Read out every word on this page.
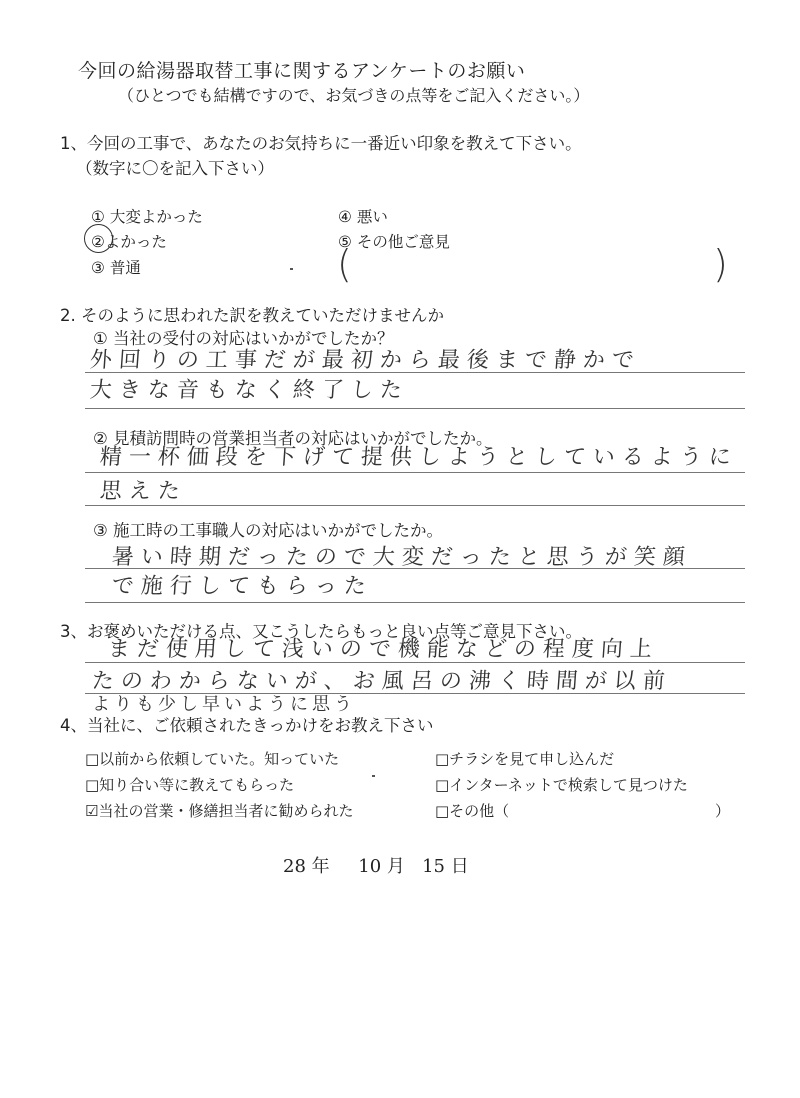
今回の給湯器取替工事に関するアンケートのお願い
（ひとつでも結構ですので、お気づきの点等をご記入ください。）
1、今回の工事で、あなたのお気持ちに一番近い印象を教えて下さい。
（数字に〇を記入下さい）
① 大変よかった
②よかった
③ 普通
④ 悪い
⑤ その他ご意見
(	)
2. そのように思われた訳を教えていただけませんか
① 当社の受付の対応はいかがでしたか？
外回りの工事だが最初から最後まで静かで
大きな音もなく終了した
② 見積訪問時の営業担当者の対応はいかがでしたか。
精一杯価段を下げて提供しようとしているように
思えた
③ 施工時の工事職人の対応はいかがでしたか。
暑い時期だったので大変だったと思うが笑顔
で施行してもらった
3、お褒めいただける点、又こうしたらもっと良い点等ご意見下さい。
まだ使用して浅いので機能などの程度向上
たのわからないが、お風呂の沸く時間が以前
よりも少し早いように思う
4、当社に、ご依頼されたきっかけをお教え下さい
□以前から依頼していた。知っていた
□知り合い等に教えてもらった
☑当社の営業・修繕担当者に勧められた
□チラシを見て申し込んだ
□インターネットで検索して見つけた
□その他（	）
28 年 10 月 15 日
